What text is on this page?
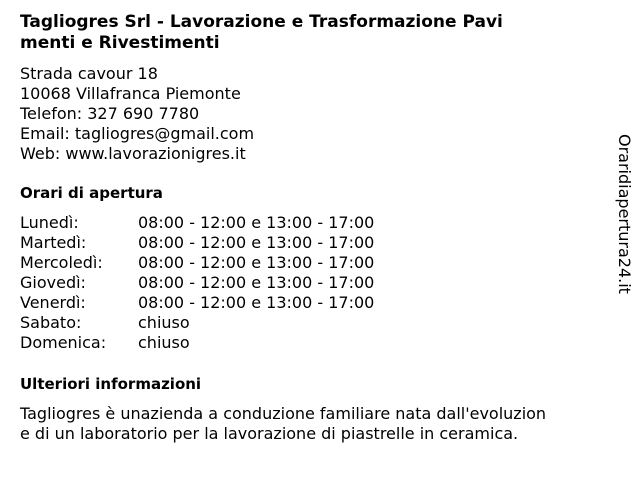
Tagliogres Srl - Lavorazione e Trasformazione Pavi
menti e Rivestimenti
Strada cavour 18
10068 Villafranca Piemonte
Telefon: 327 690 7780
Email: tagliogres@gmail.com
Web: www.lavorazionigres.it
Orari di apertura
Lunedì:	08:00 - 12:00 e 13:00 - 17:00
Martedì:	08:00 - 12:00 e 13:00 - 17:00
Mercoledì: 08:00 - 12:00 e 13:00 - 17:00
Giovedì:	08:00 - 12:00 e 13:00 - 17:00
Venerdì:	08:00 - 12:00 e 13:00 - 17:00
Sabato:	chiuso
Domenica: chiuso
Ulteriori informazioni
Tagliogres è unazienda a conduzione familiare nata dall'evoluzion
e di un laboratorio per la lavorazione di piastrelle in ceramica.
Oraridiapertura24.it
